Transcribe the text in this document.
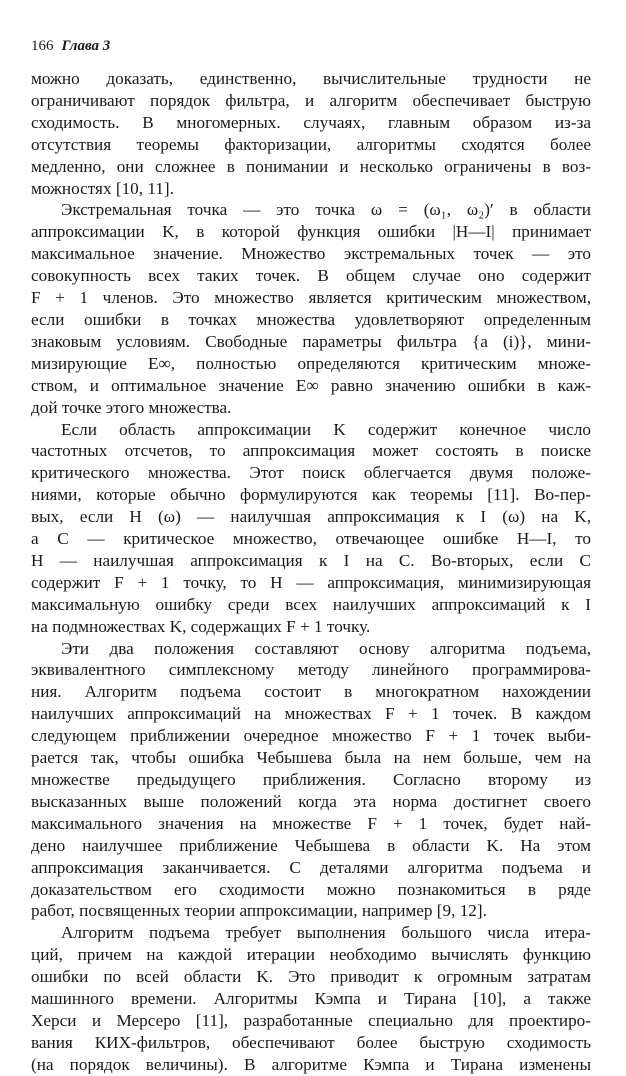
166 Глава 3
можно доказать, единственно, вычислительные трудности не
ограничивают порядок фильтра, и алгоритм обеспечивает быструю
сходимость. В многомерных. случаях, главным образом из-за
отсутствия теоремы факторизации, алгоритмы сходятся более
медленно, они сложнее в понимании и несколько ограничены в воз-
можностях [10, 11].
Экстремальная точка — это точка ω = (ω₁, ω₂)′ в области
аппроксимации K, в которой функция ошибки |H—I| принимает
максимальное значение. Множество экстремальных точек — это
совокупность всех таких точек. В общем случае оно содержит
F + 1 членов. Это множество является критическим множеством,
если ошибки в точках множества удовлетворяют определенным
знаковым условиям. Свободные параметры фильтра {a (i)}, мини-
мизирующие E∞, полностью определяются критическим множе-
ством, и оптимальное значение E∞ равно значению ошибки в каж-
дой точке этого множества.
Если область аппроксимации K содержит конечное число
частотных отсчетов, то аппроксимация может состоять в поиске
критического множества. Этот поиск облегчается двумя положе-
ниями, которые обычно формулируются как теоремы [11]. Во-пер-
вых, если H (ω) — наилучшая аппроксимация к I (ω) на K,
а C — критическое множество, отвечающее ошибке H—I, то
H — наилучшая аппроксимация к I на C. Во-вторых, если C
содержит F + 1 точку, то H — аппроксимация, минимизирующая
максимальную ошибку среди всех наилучших аппроксимаций к I
на подмножествах K, содержащих F + 1 точку.
Эти два положения составляют основу алгоритма подъема,
эквивалентного симплексному методу линейного программирова-
ния. Алгоритм подъема состоит в многократном нахождении
наилучших аппроксимаций на множествах F + 1 точек. В каждом
следующем приближении очередное множество F + 1 точек выби-
рается так, чтобы ошибка Чебышева была на нем больше, чем на
множестве предыдущего приближения. Согласно второму из
высказанных выше положений когда эта норма достигнет своего
максимального значения на множестве F + 1 точек, будет най-
дено наилучшее приближение Чебышева в области K. На этом
аппроксимация заканчивается. С деталями алгоритма подъема и
доказательством его сходимости можно познакомиться в ряде
работ, посвященных теории аппроксимации, например [9, 12].
Алгоритм подъема требует выполнения большого числа итера-
ций, причем на каждой итерации необходимо вычислять функцию
ошибки по всей области K. Это приводит к огромным затратам
машинного времени. Алгоритмы Кэмпа и Тирана [10], а также
Херси и Мерсеро [11], разработанные специально для проектиро-
вания КИХ-фильтров, обеспечивают более быструю сходимость
(на порядок величины). В алгоритме Кэмпа и Тирана изменены
